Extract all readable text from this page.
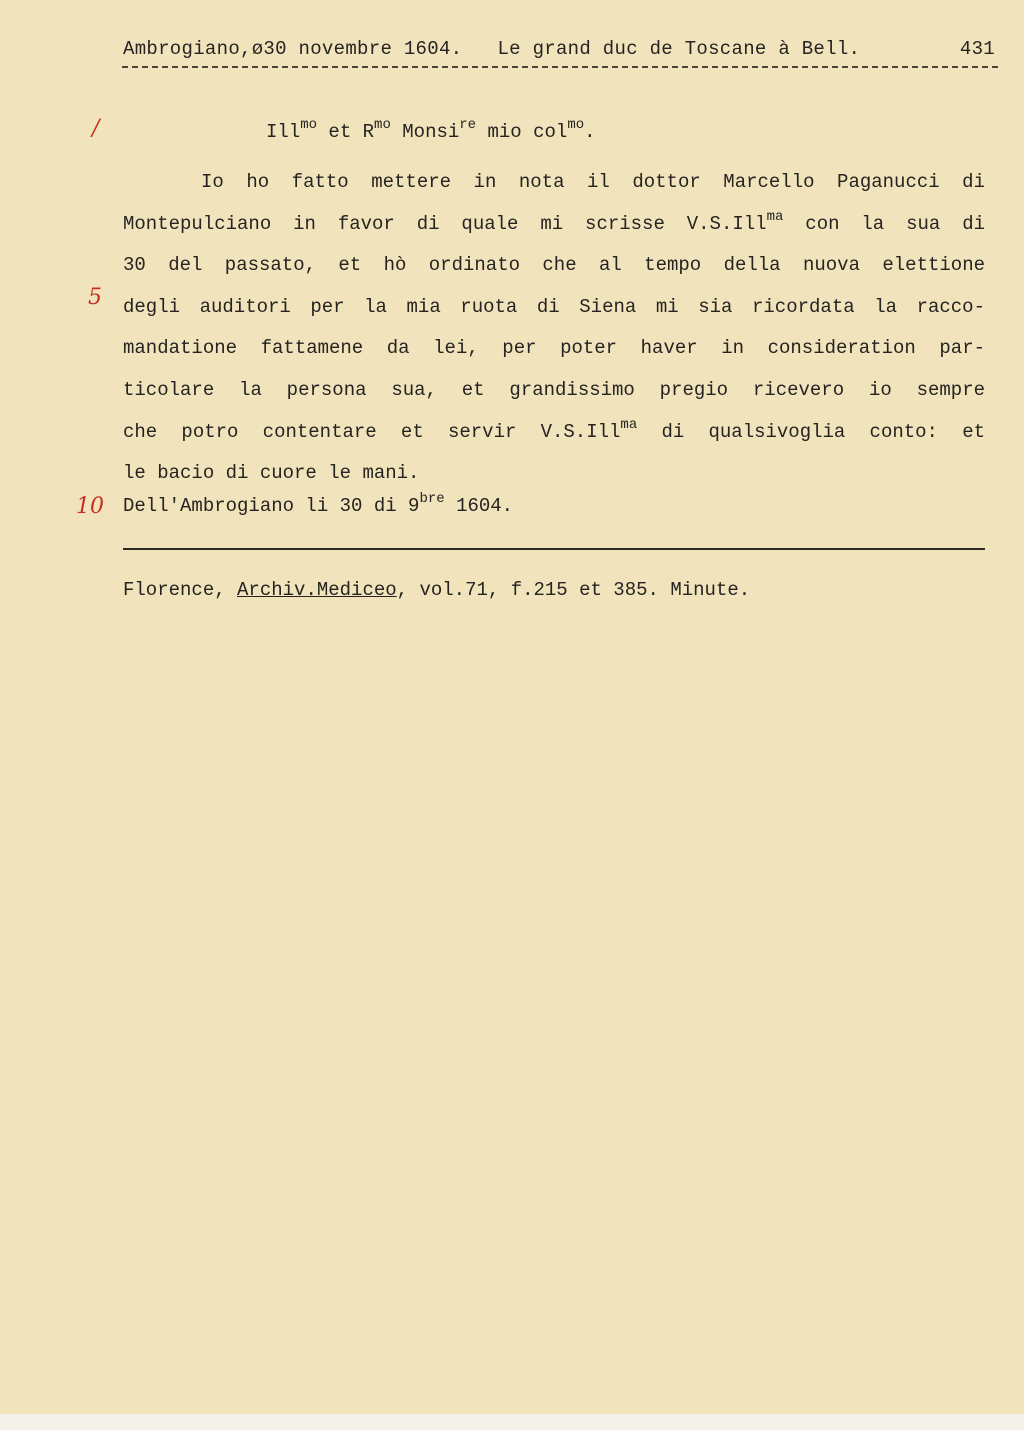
Ambrogiano,ø30 novembre 1604. Le grand duc de Toscane à Bell.	431
/
5
10
Ill$^{mo}$ et $R^{mo}$ Monsi$^{re}$ mio col$^{mo}$.
Io ho fatto mettere in nota il dottor Marcello Paganucci di
Montepulciano in favor di quale mi scrisse V.S.Ill$^{ma}$ con la sua di
30 del passato, et hò ordinato che al tempo della nuova elettione
degli auditori per la mia ruota di Siena mi sia ricordata la racco-
mandatione fattamene da lei, per poter haver in consideration par-
ticolare la persona sua, et grandissimo pregio ricevero io sempre
che potro contentare et servir V.S.Ill$^{ma}$ di qualsivoglia conto: et
le bacio di cuore le mani.
Dell'Ambrogiano li 30 di $9^{bre}$ 1604.
Florence, Archiv.Mediceo, vol.71, f.215 et 385. Minute.
